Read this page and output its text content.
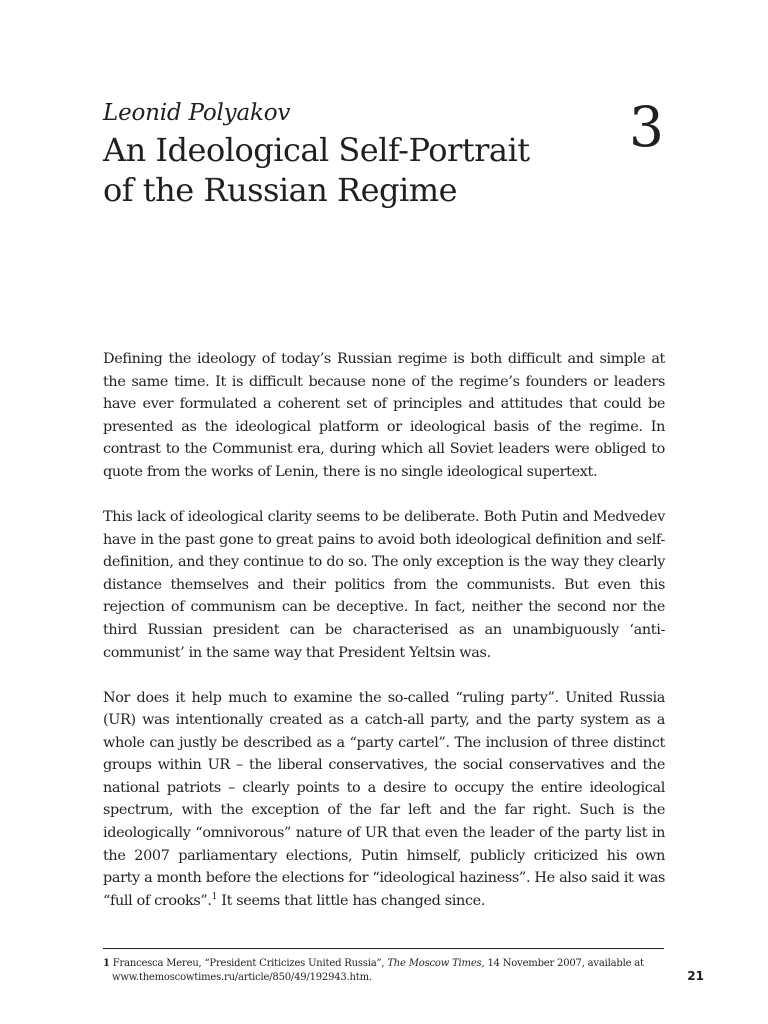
Leonid Polyakov
An Ideological Self-Portrait
of the Russian Regime
3

Defining the ideology of today’s Russian regime is both difficult and simple at the same time. It is difficult because none of the regime’s founders or leaders have ever formulated a coherent set of principles and attitudes that could be presented as the ideological platform or ideological basis of the regime. In contrast to the Communist era, during which all Soviet leaders were obliged to quote from the works of Lenin, there is no single ideological supertext.

This lack of ideological clarity seems to be deliberate. Both Putin and Medvedev have in the past gone to great pains to avoid both ideological definition and self-definition, and they continue to do so. The only exception is the way they clearly distance themselves and their politics from the communists. But even this rejection of communism can be deceptive. In fact, neither the second nor the third Russian president can be characterised as an unambiguously ‘anti-communist’ in the same way that President Yeltsin was.

Nor does it help much to examine the so-called “ruling party”. United Russia (UR) was intentionally created as a catch-all party, and the party system as a whole can justly be described as a “party cartel”. The inclusion of three distinct groups within UR – the liberal conservatives, the social conservatives and the national patriots – clearly points to a desire to occupy the entire ideological spectrum, with the exception of the far left and the far right. Such is the ideologically “omnivorous” nature of UR that even the leader of the party list in the 2007 parliamentary elections, Putin himself, publicly criticized his own party a month before the elections for “ideological haziness”. He also said it was “full of crooks”.$^1$ It seems that little has changed since.

1 Francesca Mereu, “President Criticizes United Russia”, The Moscow Times, 14 November 2007, available at
www.themoscowtimes.ru/article/850/49/192943.htm.	21
